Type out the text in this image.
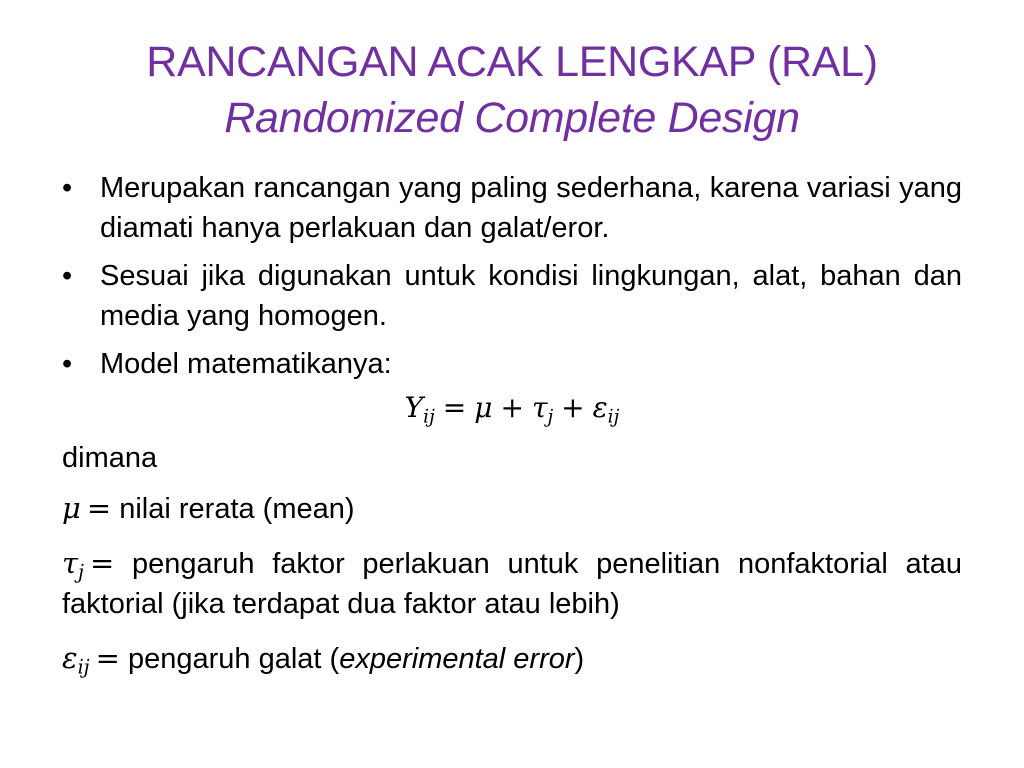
RANCANGAN ACAK LENGKAP (RAL)
Randomized Complete Design
• Merupakan rancangan yang paling sederhana, karena variasi yang diamati hanya perlakuan dan galat/eror.
• Sesuai jika digunakan untuk kondisi lingkungan, alat, bahan dan media yang homogen.
• Model matematikanya:
$Y_{ij} = \mu + \tau_j + \varepsilon_{ij}$
dimana
μ = nilai rerata (mean)
$\tau_j$ = pengaruh faktor perlakuan untuk penelitian nonfaktorial atau faktorial (jika terdapat dua faktor atau lebih)
$\varepsilon_{ij}$ = pengaruh galat (experimental error)
